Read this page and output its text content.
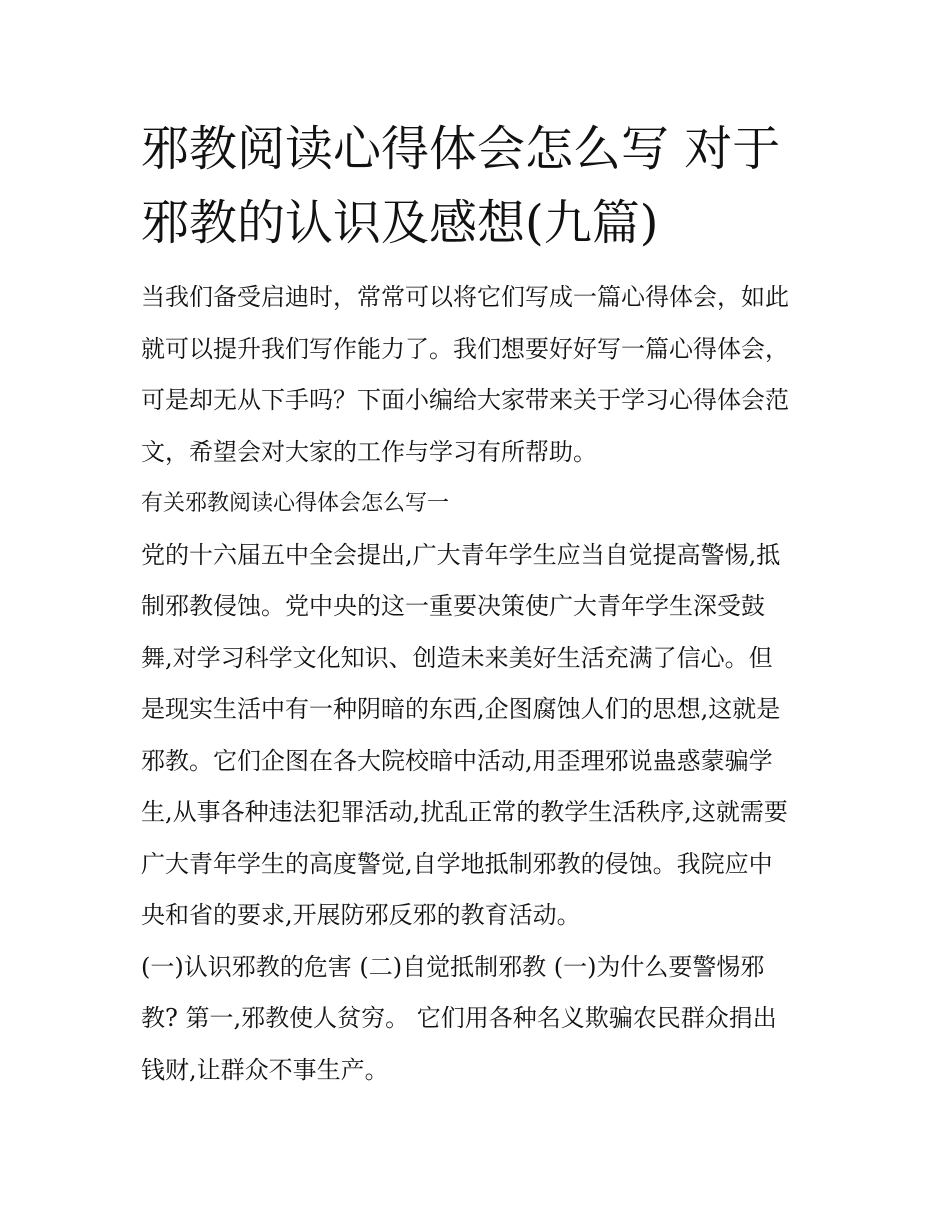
邪教阅读心得体会怎么写 对于
邪教的认识及感想(九篇)

当我们备受启迪时，常常可以将它们写成一篇心得体会，如此
就可以提升我们写作能力了。我们想要好好写一篇心得体会，
可是却无从下手吗？下面小编给大家带来关于学习心得体会范
文，希望会对大家的工作与学习有所帮助。

有关邪教阅读心得体会怎么写一

党的十六届五中全会提出,广大青年学生应当自觉提高警惕,抵
制邪教侵蚀。党中央的这一重要决策使广大青年学生深受鼓
舞,对学习科学文化知识、创造未来美好生活充满了信心。但
是现实生活中有一种阴暗的东西,企图腐蚀人们的思想,这就是
邪教。它们企图在各大院校暗中活动,用歪理邪说蛊惑蒙骗学
生,从事各种违法犯罪活动,扰乱正常的教学生活秩序,这就需要
广大青年学生的高度警觉,自学地抵制邪教的侵蚀。我院应中
央和省的要求,开展防邪反邪的教育活动。

(一)认识邪教的危害 (二)自觉抵制邪教 (一)为什么要警惕邪
教? 第一,邪教使人贫穷。 它们用各种名义欺骗农民群众捐出
钱财,让群众不事生产。
